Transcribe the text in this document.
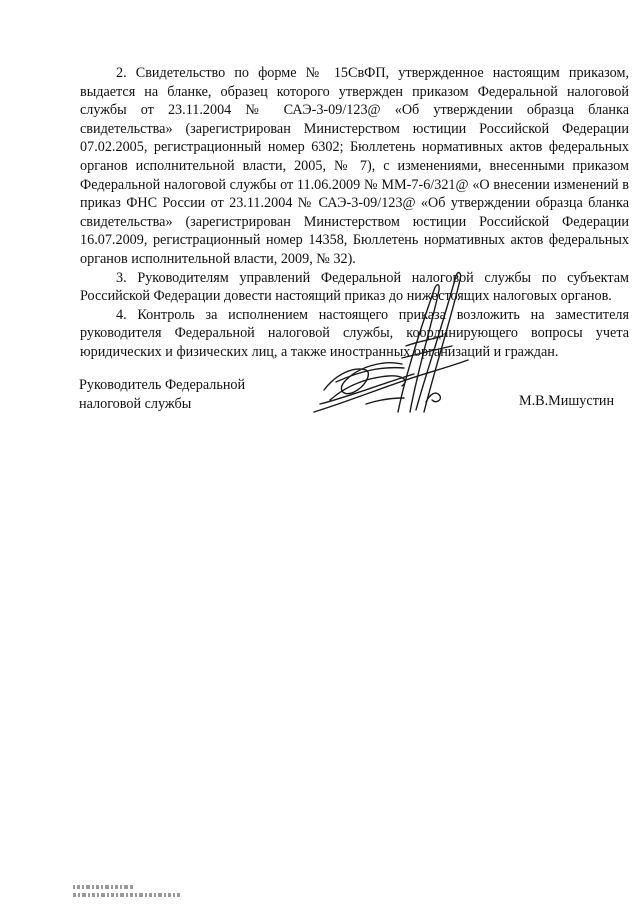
2. Свидетельство по форме № 15СвФП, утвержденное настоящим приказом, выдается на бланке, образец которого утвержден приказом Федеральной налоговой службы от 23.11.2004 № САЭ-3-09/123@ «Об утверждении образца бланка свидетельства» (зарегистрирован Министерством юстиции Российской Федерации 07.02.2005, регистрационный номер 6302; Бюллетень нормативных актов федеральных органов исполнительной власти, 2005, № 7), с изменениями, внесенными приказом Федеральной налоговой службы от 11.06.2009 № ММ-7-6/321@ «О внесении изменений в приказ ФНС России от 23.11.2004 № САЭ-3-09/123@ «Об утверждении образца бланка свидетельства» (зарегистрирован Министерством юстиции Российской Федерации 16.07.2009, регистрационный номер 14358, Бюллетень нормативных актов федеральных органов исполнительной власти, 2009, № 32).

3. Руководителям управлений Федеральной налоговой службы по субъектам Российской Федерации довести настоящий приказ до нижестоящих налоговых органов.

4. Контроль за исполнением настоящего приказа возложить на заместителя руководителя Федеральной налоговой службы, координирующего вопросы учета юридических и физических лиц, а также иностранных организаций и граждан.

Руководитель Федеральной
налоговой службы	М.В.Мишустин
